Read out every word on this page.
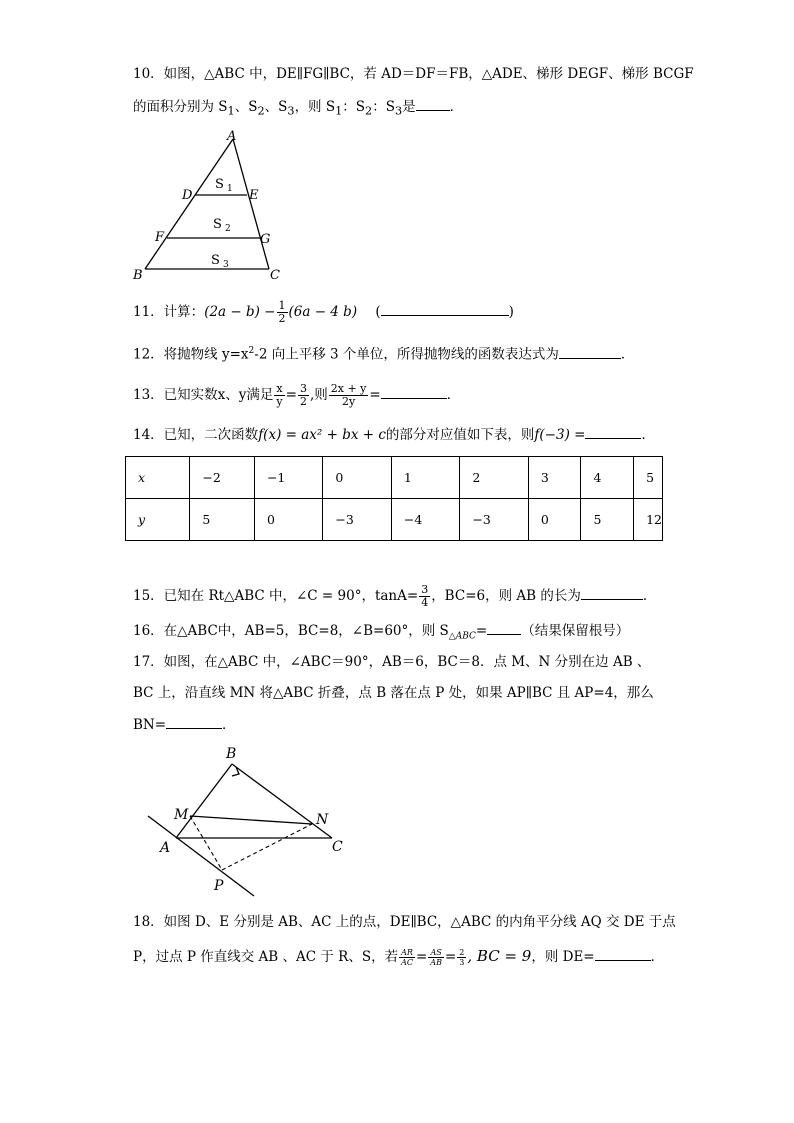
10．如图，△ABC 中，DE∥FG∥BC，若 AD＝DF＝FB，△ADE、梯形 DEGF、梯形 BCGF
的面积分别为 $S_1$、$S_2$、$S_3$，则 $S_1$：$S_2$：$S_3$是	．
A
D	E
F	G
B	C
S 1
S 2
S 3
11．计算：$(2a - b) - \frac{1}{2} (6a - 4$ b) (	)
12．将抛物线 $y=x^2-2$ 向上平移 3 个单位，所得抛物线的函数表达式为	．
13．已知实数x、y满足 $\frac{x}{y} = \frac{3}{2}$ ,则 $\frac{2x + y}{2y}$ =	．
14．已知，二次函数f(x) = ax² + bx + c的部分对应值如下表，则f(−3) =	．
x	−2	−1	0	1	2	3	4	5
y	5	0	−3	−4	−3	0	5	12
15．已知在 Rt△ABC 中，∠C = 90°，$\tan A= \frac{3}{4}$ ，BC=6，则 AB 的长为	．
16．在△ABC中，AB=5，BC=8，∠B=60°，则 $S_{\triangle ABC}=$	（结果保留根号）
17．如图，在△ABC 中，∠ABC＝90°，AB＝6，BC＝8．点 M、N 分别在边 AB 、
BC 上，沿直线 MN 将△ABC 折叠，点 B 落在点 P 处，如果 AP∥BC 且 AP=4，那么
BN=	．
B
M	N
A	C
P
18．如图 D、E 分别是 AB、AC 上的点，DE∥BC，△ABC 的内角平分线 AQ 交 DE 于点
P，过点 P 作直线交 AB 、AC 于 R、S，若 $\frac{AR}{AC} = \frac{AS}{AB} = \frac{2}{3}$ , BC = 9，则 DE=	．
